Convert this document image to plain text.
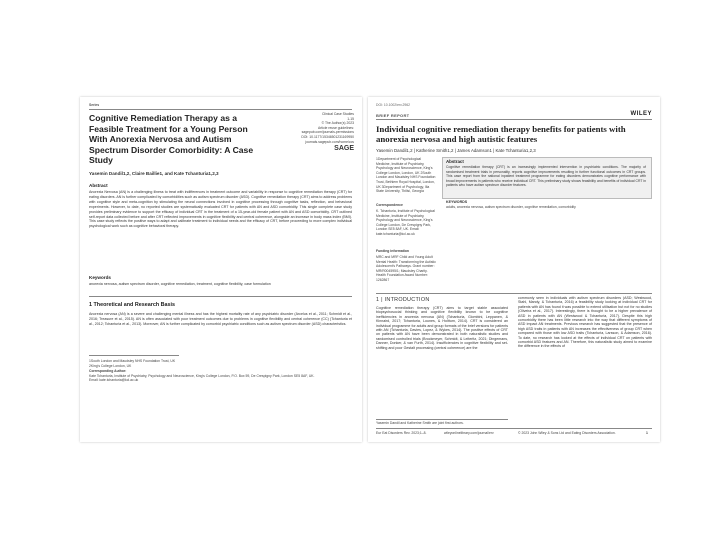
Series
Clinical Case Studies
1-15
© The Author(s) 2023
Article reuse guidelines:
sagepub.com/journals-permissions
DOI: 10.1177/15346501231169950
journals.sagepub.com/home/ccs
SAGE
Cognitive Remediation Therapy as a Feasible Treatment for a Young Person With Anorexia Nervosa and Autism Spectrum Disorder Comorbidity: A Case Study
Yasemin Dandil1,2, Claire Baillie1, and Kate Tchanturia1,2,3
Abstract
Anorexia Nervosa (AN) is a challenging illness to treat with indifferences in treatment outcome and variability in response to cognitive remediation therapy (CRT) for eating disorders. AN is further complicated by comorbidities such as autism spectrum disorder (ASD). Cognitive remediation therapy (CRT) aims to address problems with cognitive style and meta-cognition by stimulating the neural connections involved in cognitive processing through cognitive tasks, reflection, and behavioral experiments. However, to date, no reported studies are systematically evaluated CRT for patients with AN and ASD comorbidity. This single complete case study provides preliminary evidence to support the efficacy of individual CRT in the treatment of a 15-year-old female patient with AN and ASD comorbidity. CRT outlined self-report data collected before and after CRT reflected improvements in cognitive flexibility and central coherence, alongside an increase in body mass index (BMI). This case study reflects the positive ways to adapt and calibrate treatment to individual needs and the efficacy of CRT, before proceeding to more complex individual psychological work such as cognitive behavioral therapy.
Keywords
anorexia nervosa, autism spectrum disorder, cognitive remediation, treatment, cognitive flexibility, case formulation
1 Theoretical and Research Basis
Anorexia nervosa (AN) is a severe and challenging mental illness and has the highest mortality rate of any psychiatric disorder (Arcelus et al., 2011; Schmidt et al., 2016; Treasure et al., 2015). AN is often associated with poor treatment outcomes due to problems in cognitive flexibility and central coherence (CC) (Tchanturia et al., 2012; Tchanturia et al., 2013). Moreover, AN is further complicated by comorbid psychiatric conditions such as autism spectrum disorder (ASD) characteristics.
1South London and Maudsley NHS Foundation Trust, UK
2King's College London, UK
Corresponding Author:
Kate Tchanturia, Institute of Psychiatry, Psychology and Neuroscience, King's College London, P.O. Box 59, De Crespigny Park, London SE5 8AF, UK.
Email: kate.tchanturia@kcl.ac.uk
DOI: 10.1002/erv.2962
WILEY
BRIEF REPORT
Individual cognitive remediation therapy benefits for patients with anorexia nervosa and high autistic features
Yasemin Dandil1,2 | Katherine Smith1,2 | James Adamson1 | Kate Tchanturia1,2,3
1Department of Psychological Medicine, Institute of Psychiatry, Psychology and Neuroscience, King's College London, London, UK 2South London and Maudsley NHS Foundation Trust, Bethlem Royal Hospital, London, UK 3Department of Psychology, Ilia State University, Tbilisi, Georgia
Correspondence
K. Tchanturia, Institute of Psychological Medicine, Institute of Psychiatry, Psychology and Neuroscience, King's College London, De Crespigny Park, London SE5 8AF, UK. Email: kate.tchanturia@kcl.ac.uk
Funding information
MRC and MRF Child and Young Adult Mental Health: Transforming the Autistic Adolescent's Pathways. Grant number: MR/R004595/1; Maudsley Charity. Health Foundation Award Number: 1262867
Abstract
Cognitive remediation therapy (CRT) is an increasingly implemented intervention in psychiatric conditions. The majority of randomised treatment trials in personality, reports cognitive improvements resulting in further functional outcomes in CRT groups. This case report from the national inpatient treatment programme for eating disorders demonstrates cognitive performance with broad improvements in patients who receive individual CRT. This preliminary study shows feasibility and benefits of individual CRT in patients who have autism spectrum disorder features.
KEYWORDS
adults, anorexia nervosa, autism spectrum disorder, cognitive remediation, comorbidity
1 | INTRODUCTION
Cognitive remediation therapy (CRT) aims to target stable associated biopsychosocial thinking and cognitive flexibility known to be cognitive inefficiencies in anorexia nervosa (AN) (Tchanturia, Giombini, Leppanen, & Kinnaird, 2017; Tchanturia, Lounes, & Holttum, 2014). CRT is considered an individual programme for adults and group formats of the brief versions for patients with AN (Tchanturia, Davies, Lopez, & Wykes, 2014). The positive effects of CRT on patients with AN have been demonstrated in both naturalistic studies and randomised controlled trials (Brockmeyer, Schmidt, & Leiteritz, 2021; Dingemans, Danner, Donker, & van Furth, 2014). Insufficiencies in cognitive flexibility and set-shifting and poor Gestalt processing (central coherence) are the
commonly seen in individuals with autism spectrum disorders (ASD; Westwood, Stahl, Mandy, & Tchanturia, 2016) a feasibility study looking at individual CRT for patients with AN has found it was possible to extend utilisation but not for no studies (Oliveira et al., 2017). Interestingly, there is thought to be a higher prevalence of ASD in patients with AN (Westwood & Tchanturia, 2017). Despite this high comorbidity there has been little research into the way that different symptoms of ASD impact AN treatments. Previous research has suggested that the presence of high ASD traits in patients with AN increases the effectiveness of group CRT when compared with those with low ASD traits (Tchanturia, Larsson, & Adamson, 2016). To date, no research has looked at the effects of individual CRT on patients with comorbid ASD features and AN. Therefore, this naturalistic study aimed to examine the difference in the effects of
Yasemin Dandil and Katherine Smith are joint first authors.
Eur Eat Disorders Rev. 2023;1–8.	wileyonlinelibrary.com/journal/erv	© 2023 John Wiley & Sons Ltd and Eating Disorders Association.	1
